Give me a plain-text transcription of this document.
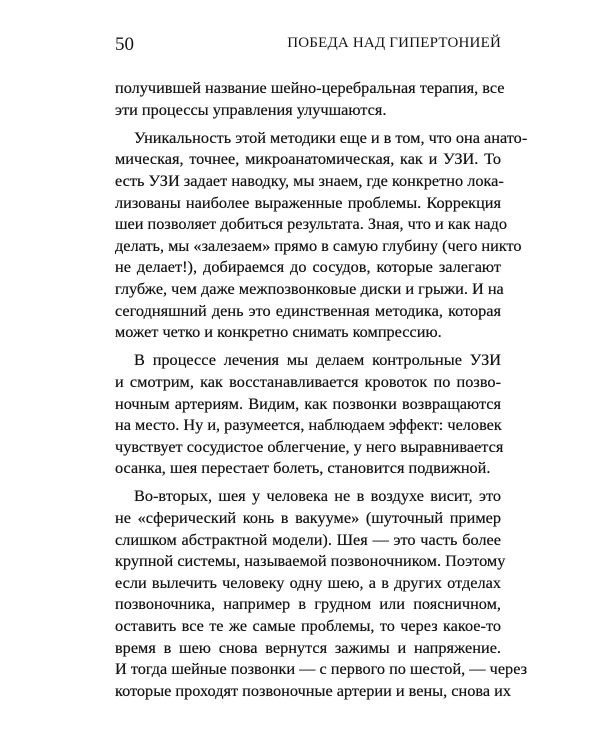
50	ПОБЕДА НАД ГИПЕРТОНИЕЙ
получившей название шейно-церебральная терапия, все
эти процессы управления улучшаются.
Уникальность этой методики еще и в том, что она анато-
мическая, точнее, микроанатомическая, как и УЗИ. То
есть УЗИ задает наводку, мы знаем, где конкретно лока-
лизованы наиболее выраженные проблемы. Коррекция
шеи позволяет добиться результата. Зная, что и как надо
делать, мы «залезаем» прямо в самую глубину (чего никто
не делает!), добираемся до сосудов, которые залегают
глубже, чем даже межпозвонковые диски и грыжи. И на
сегодняшний день это единственная методика, которая
может четко и конкретно снимать компрессию.
В процессе лечения мы делаем контрольные УЗИ
и смотрим, как восстанавливается кровоток по позво-
ночным артериям. Видим, как позвонки возвращаются
на место. Ну и, разумеется, наблюдаем эффект: человек
чувствует сосудистое облегчение, у него выравнивается
осанка, шея перестает болеть, становится подвижной.
Во-вторых, шея у человека не в воздухе висит, это
не «сферический конь в вакууме» (шуточный пример
слишком абстрактной модели). Шея — это часть более
крупной системы, называемой позвоночником. Поэтому
если вылечить человеку одну шею, а в других отделах
позвоночника, например в грудном или поясничном,
оставить все те же самые проблемы, то через какое-то
время в шею снова вернутся зажимы и напряжение.
И тогда шейные позвонки — с первого по шестой, — через
которые проходят позвоночные артерии и вены, снова их
